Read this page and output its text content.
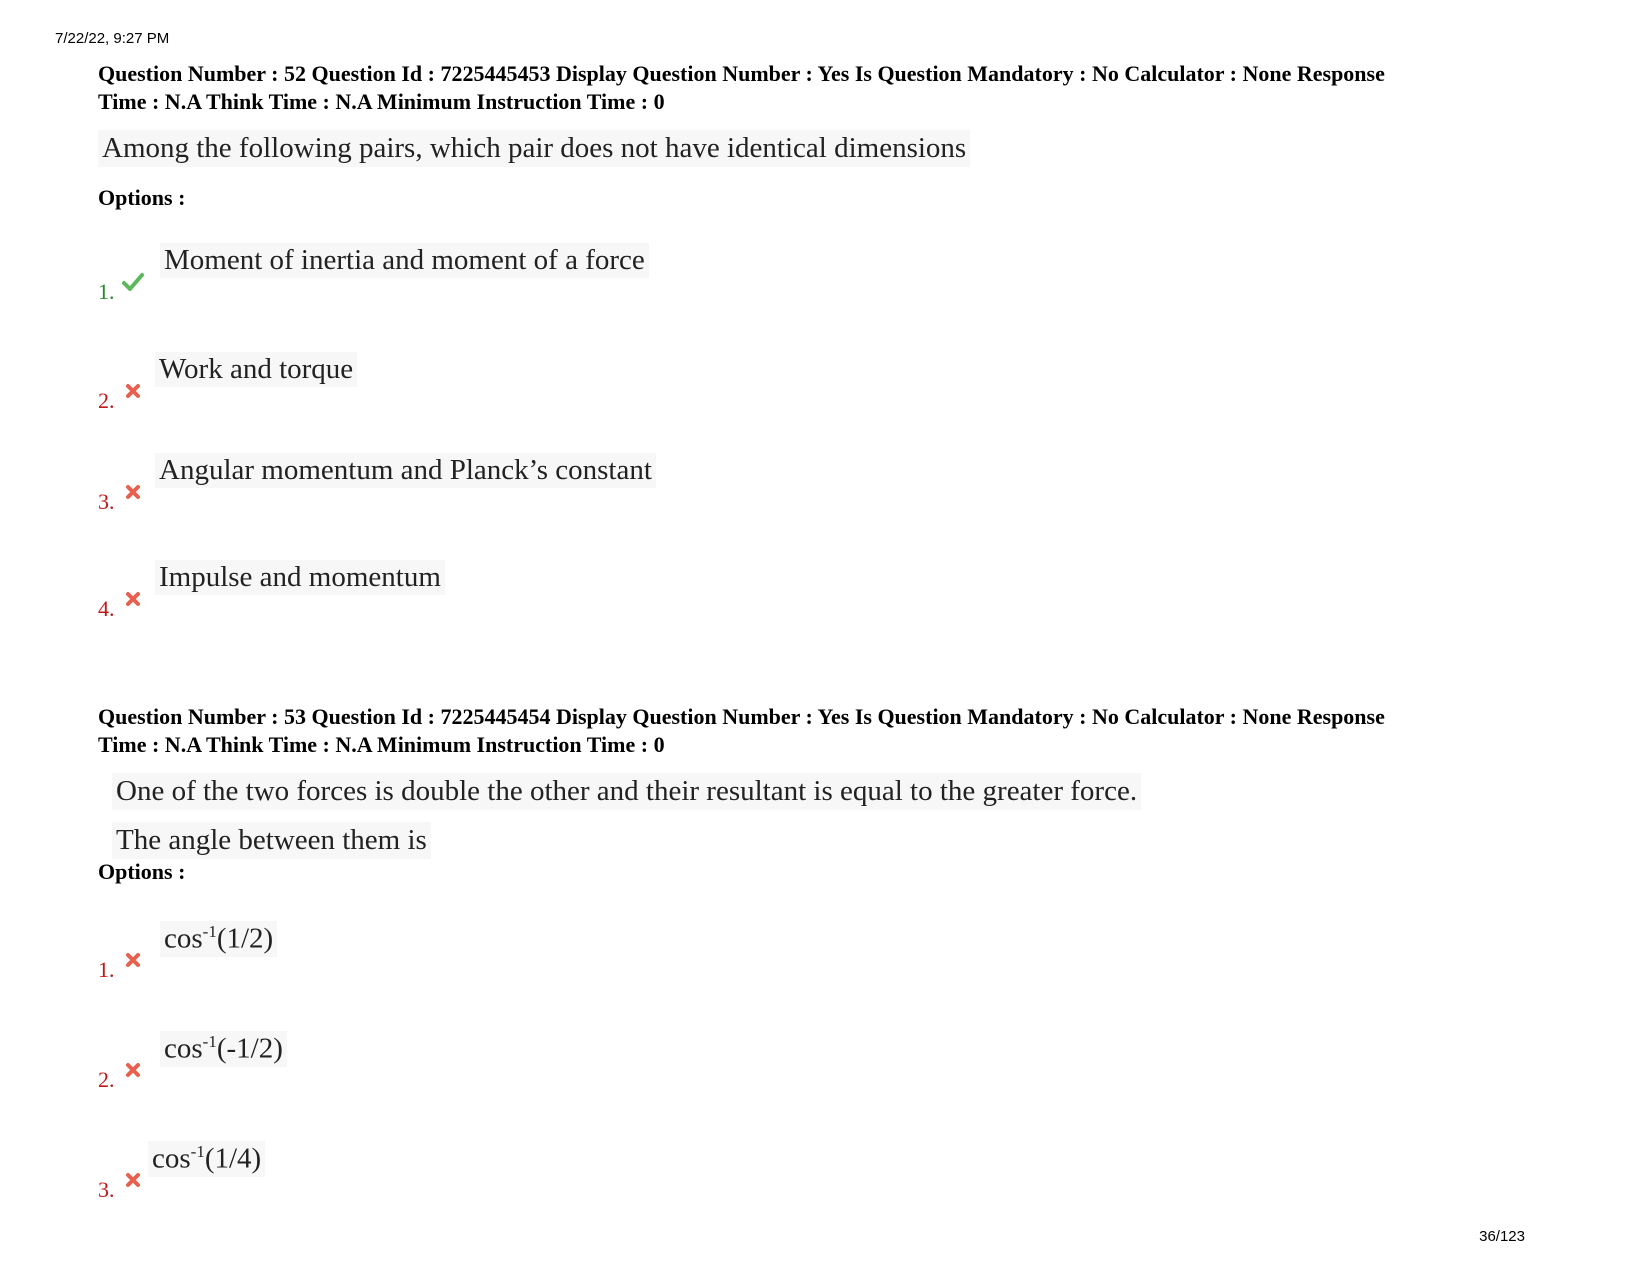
7/22/22, 9:27 PM

Question Number : 52 Question Id : 7225445453 Display Question Number : Yes Is Question Mandatory : No Calculator : None Response

Time : N.A Think Time : N.A Minimum Instruction Time : 0

Among the following pairs, which pair does not have identical dimensions

Options :

1.
Moment of inertia and moment of a force
2.
Work and torque
3.
Angular momentum and Planck’s constant
4.
Impulse and momentum

Question Number : 53 Question Id : 7225445454 Display Question Number : Yes Is Question Mandatory : No Calculator : None Response

Time : N.A Think Time : N.A Minimum Instruction Time : 0

One of the two forces is double the other and their resultant is equal to the greater force.

The angle between them is

Options :

1.
$\cos^{-1}(1/2)$
2.
$\cos^{-1}(-1/2)$
3.
$\cos^{-1}(1/4)$
36/123
